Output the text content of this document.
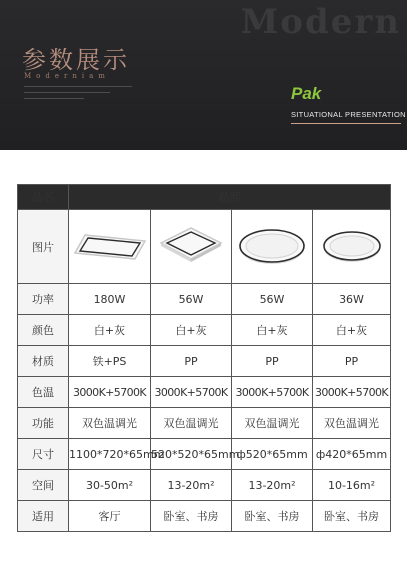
Modern
参数展示
Moderniam
Pak
SITUATIONAL PRESENTATION
品名	晶熙			
图片	

功率	180W	56W	56W	36W
颜色	白+灰	白+灰	白+灰	白+灰
材质	铁+PS	PP	PP	PP
色温	3000K+5700K	3000K+5700K	3000K+5700K	3000K+5700K
功能	双色温调光	双色温调光	双色温调光	双色温调光
尺寸	1100*720*65mm	520*520*65mm	ф520*65mm	ф420*65mm
空间	30-50m²	13-20m²	13-20m²	10-16m²
适用	客厅	卧室、书房	卧室、书房	卧室、书房
